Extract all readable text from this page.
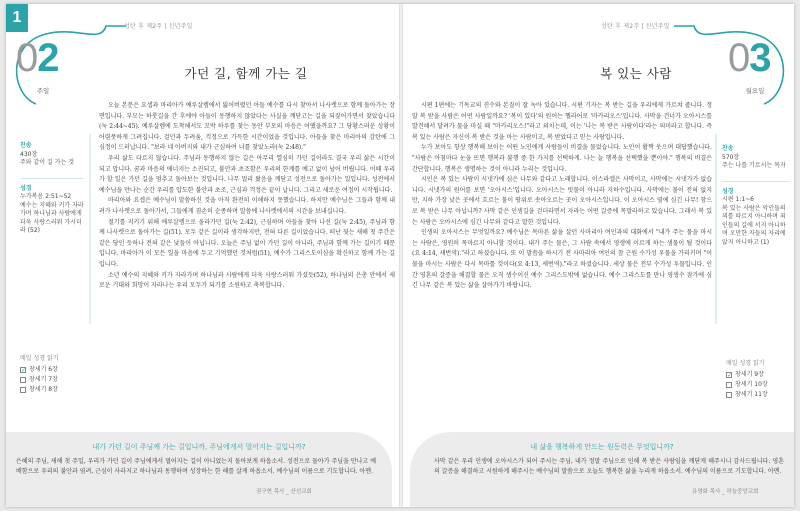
1
성탄 후 제2주 | 신년주일	성탄 후 제2주 | 신년주일
02
주일
가던 길, 함께 가는 길
찬송
430장
주와 같이 길 가는 것
성경
누가복음 2:51~52
예수는 지혜와 키가 자라가며 하나님과 사람에게 더욱 사랑스러워 가시더라 (52)
매일 성경 읽기
✓ 창세기 6장
창세기 7장
창세기 8장

오늘 본문은 요셉과 마리아가 예루살렘에서 잃어버렸던 아들 예수를 다시 찾아서 나사렛으로 함께 돌아가는 장면입니다. 부모는 하룻길을 간 후에야 아들이 동행하지 않았다는 사실을 깨닫고는 길을 되짚어가면서 찾았습니다(눅 2:44~45). 예루살렘에 도착해서도 꼬박 하루를 찾는 동안 부모의 마음은 어땠을까요? 그 당황스러운 상황이 어렴풋하게 그려집니다. 걸던과 두려움, 걱정으로 가득한 시간이었을 것입니다. 아들을 찾은 마리아의 감탄에 그 심정이 드러납니다. "보라 네 아버지와 내가 근심하여 너를 찾았노라(눅 2:48)."

우리 삶도 다르지 않습니다. 주님과 동행하지 않는 길은 아무리 열심히 가던 길이라도 결국 우리 삶은 시간이 되고 맙니다. 꿈과 마음의 에너지는 소진되고, 불안과 초조함은 우리의 한계를 예고 없이 넘어 버립니다. 이때 우리가 할 일은 가던 길을 멈추고 돌아보는 것입니다. 나무 멀리 왔음을 깨닫고 성전으로 돌아가는 일입니다. 성전에서 예수님을 만나는 순간 우리를 압도한 불안과 초조, 근심과 걱정은 끝이 납니다. 그리고 새로운 여정이 시작됩니다.

마리아와 요셉은 예수님이 말씀하신 것을 아직 완전히 이해하지 못했습니다. 하지만 예수님은 그들과 함께 내려가 나사렛으로 돌아가서, 그들에게 겸손히 순종하며 말씀에 나사렛에서의 시간을 보내십니다.

절기를 지키기 위해 예루살렘으로 올라가던 길(눅 2:42), 근심하며 아들을 찾아 나선 길(눅 2:45), 주님과 함께 나사렛으로 돌아가는 길(51). 모두 같은 길이라 생각하지만, 전혀 다른 길이었습니다. 떠난 뒷는 새해 첫 주간은 같은 당인 듯하나 전혀 같은 낯들이 아닙니다. 오늘은 주님 없이 가던 길이 아니라, 주님과 함께 가는 길이기 때문입니다. 마리아가 이 모든 일을 마음에 두고 기억했던 것처럼(51), 예수가 그리스도이심을 확신하고 함께 가는 길입니다.

소년 예수의 지혜와 키가 자라가며 하나님과 사람에게 더욱 사랑스러워 가셨듯(52), 하나님의 은총 안에서 새로운 기대와 희망이 자라나는 우리 모두가 되기를 소원하고 축복합니다.

내가 가던 길이 주님께 가는 길입니까, 주님에게서 멀어지는 길입니까?
은혜의 주님, 새해 첫 주일, 우리가 가던 길이 주님에게서 멀어지는 길이 아니었는지 돌아보게 하옵소서. 성전으로 돌아가 주님을 만나고 예배함으로 우리의 불안과 염려, 근심이 사라지고 하나님과 동행하며 성장하는 한 해를 살게 하옵소서. 예수님의 이름으로 기도합니다. 아멘.
권구현 목사 _ 산선교회
03
월요일
복 있는 사람
찬송
570장
주는 나를 기르시는 목자
성경
시편 1:1~6
복 있는 사람은 악인들의 꾀를 따르지 아니하며 죄인들의 길에 서지 아니하며 오만한 자들의 자리에 앉지 아니하고 (1)
매일 성경 읽기
✓ 창세기 9장
창세기 10장
창세기 11장

시편 1편에는 기독교의 진수와 본질이 잘 녹아 있습니다. 시편 기자는 복 받는 길을 우리에게 가르쳐 줍니다. 정말 복 받을 사람은 어떤 사람일까요? '복이 있다'의 원어는 헬라어로 '마카리오스'입니다. 사막을 건너가 오아시스를 발견해서 달려가 물을 마실 때 "마카리오스!"라고 외치는데, 이는 '나는 복 받은 사람이다'라는 의미라고 합니다. 즉 복 있는 사람은 자신이 복 받은 것을 아는 사람이고, 복 받았다고 믿는 사람입니다.

누가 보아도 항상 행복해 보이는 어떤 노인에게 사람들이 비결을 물었습니다. 노인이 활짝 웃으며 대답했습니다. "사람은 아침마다 눈을 뜨면 행복과 불행 중 한 가지를 선택하게. 나는 늘 행복을 선택했을 뿐이야." 행복의 비결은 간단합니다. 행복은 생명하는 것이 아니라 누리는 것입니다.

시인은 복 있는 사람이 시냇가에 심은 나무와 같다고 노래합니다. 이스라엘은 사막이고, 사막에는 시냇가가 없습니다. 시냇가의 원어를 보면 '오아시스'입니다. 오아시스는 빗물이 아니라 지하수입니다. 사막에는 물이 전혀 없지만, 지하 가장 낮은 곳에서 흐르는 물이 땅위로 솟아오르는 곳이 오아시스입니다. 이 오아시스 옆에 심긴 나무! 참으로 복 받은 나무 아닙니까? 사막 같은 인생길을 걷더라면서 자라는 어떤 갈증에 목말라하고 있습니다. 그래서 복 있는 사람은 오아시스에 심긴 나무와 같다고 말한 것입니다.

인생의 오아시스는 무엇일까요? 예수님은 목마른 삶을 살던 사마리아 여인과의 대화에서 "내가 주는 물을 마시는 사람은, 영원히 목마르지 아니할 것이다. 내가 주는 물은, 그 사람 속에서 영생에 이르게 하는 샘물이 될 것이다(요 4:14, 새번역)."라고 하셨습니다. 또 이 말씀을 하시기 전 사마리아 여인의 참 근원 수가성 우물을 가리키며 "이 물을 마시는 사람은 다시 목마를 것이다(요 4:13, 새번역)."라고 하셨습니다. 세상 물은 전부 수가성 우물입니다. 인간 영혼의 갈증을 해결할 물은 오직 생수이신 예수 그리스도밖에 없습니다. 예수 그리스도를 만나 영생수 잠가에 심긴 나무 같은 복 있는 삶을 살아가기 바랍니다.

내 삶을 행복하게 만드는 원동력은 무엇입니까?
사막 같은 우리 인생에 오아시스가 되어 주시는 주님, 내가 정말 주님으로 인해 복 받은 사람임을 깨닫게 해주시니 감사드립니다. 영혼의 갈증을 해결하고 시원하게 해주시는 예수님의 말씀으로 오늘도 행복한 삶을 누리게 하옵소서. 예수님의 이름으로 기도합니다. 아멘.
유영화 목사 _ 하늘중앙교회
